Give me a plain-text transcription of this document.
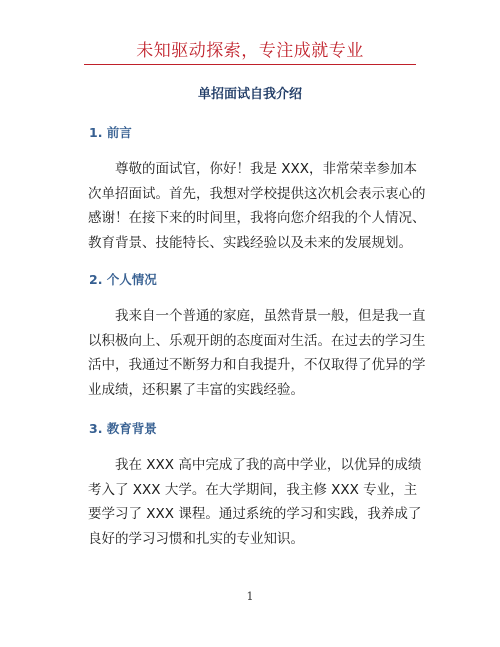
未知驱动探索，专注成就专业
单招面试自我介绍
1. 前言
尊敬的面试官，你好！我是 XXX，非常荣幸参加本次单招面试。首先，我想对学校提供这次机会表示衷心的感谢！在接下来的时间里，我将向您介绍我的个人情况、教育背景、技能特长、实践经验以及未来的发展规划。
2. 个人情况
我来自一个普通的家庭，虽然背景一般，但是我一直以积极向上、乐观开朗的态度面对生活。在过去的学习生活中，我通过不断努力和自我提升，不仅取得了优异的学业成绩，还积累了丰富的实践经验。
3. 教育背景
我在 XXX 高中完成了我的高中学业，以优异的成绩考入了 XXX 大学。在大学期间，我主修 XXX 专业，主要学习了 XXX 课程。通过系统的学习和实践，我养成了良好的学习习惯和扎实的专业知识。
1
